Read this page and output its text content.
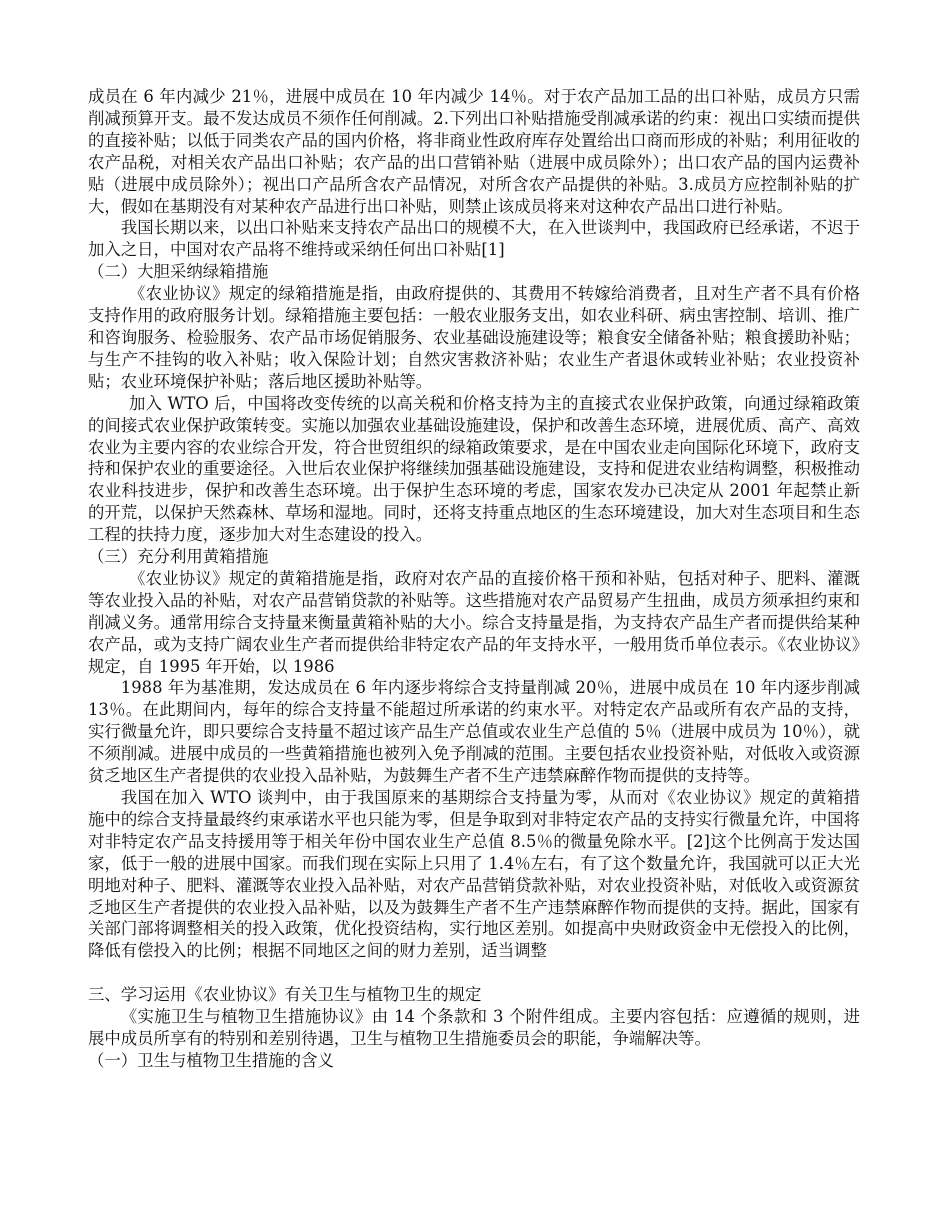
成员在 6 年内减少 21％，进展中成员在 10 年内减少 14％。对于农产品加工品的出口补贴，成员方只需削减预算开支。最不发达成员不须作任何削减。2.下列出口补贴措施受削减承诺的约束：视出口实绩而提供的直接补贴；以低于同类农产品的国内价格，将非商业性政府库存处置给出口商而形成的补贴；利用征收的农产品税，对相关农产品出口补贴；农产品的出口营销补贴（进展中成员除外）；出口农产品的国内运费补贴（进展中成员除外）；视出口产品所含农产品情况，对所含农产品提供的补贴。3.成员方应控制补贴的扩大，假如在基期没有对某种农产品进行出口补贴，则禁止该成员将来对这种农产品出口进行补贴。

我国长期以来，以出口补贴来支持农产品出口的规模不大，在入世谈判中，我国政府已经承诺，不迟于加入之日，中国对农产品将不维持或采纳任何出口补贴[1]

（二）大胆采纳绿箱措施

《农业协议》规定的绿箱措施是指，由政府提供的、其费用不转嫁给消费者，且对生产者不具有价格支持作用的政府服务计划。绿箱措施主要包括：一般农业服务支出，如农业科研、病虫害控制、培训、推广和咨询服务、检验服务、农产品市场促销服务、农业基础设施建设等；粮食安全储备补贴；粮食援助补贴；与生产不挂钩的收入补贴；收入保险计划；自然灾害救济补贴；农业生产者退休或转业补贴；农业投资补贴；农业环境保护补贴；落后地区援助补贴等。

加入 WTO 后，中国将改变传统的以高关税和价格支持为主的直接式农业保护政策，向通过绿箱政策的间接式农业保护政策转变。实施以加强农业基础设施建设，保护和改善生态环境，进展优质、高产、高效农业为主要内容的农业综合开发，符合世贸组织的绿箱政策要求，是在中国农业走向国际化环境下，政府支持和保护农业的重要途径。入世后农业保护将继续加强基础设施建设，支持和促进农业结构调整，积极推动农业科技进步，保护和改善生态环境。出于保护生态环境的考虑，国家农发办已决定从 2001 年起禁止新的开荒，以保护天然森林、草场和湿地。同时，还将支持重点地区的生态环境建设，加大对生态项目和生态工程的扶持力度，逐步加大对生态建设的投入。

（三）充分利用黄箱措施

《农业协议》规定的黄箱措施是指，政府对农产品的直接价格干预和补贴，包括对种子、肥料、灌溉等农业投入品的补贴，对农产品营销贷款的补贴等。这些措施对农产品贸易产生扭曲，成员方须承担约束和削减义务。通常用综合支持量来衡量黄箱补贴的大小。综合支持量是指，为支持农产品生产者而提供给某种农产品，或为支持广阔农业生产者而提供给非特定农产品的年支持水平，一般用货币单位表示。《农业协议》规定，自 1995 年开始，以 1986

1988 年为基准期，发达成员在 6 年内逐步将综合支持量削减 20％，进展中成员在 10 年内逐步削减 13％。在此期间内，每年的综合支持量不能超过所承诺的约束水平。对特定农产品或所有农产品的支持，实行微量允许，即只要综合支持量不超过该产品生产总值或农业生产总值的 5％（进展中成员为 10％），就不须削减。进展中成员的一些黄箱措施也被列入免予削减的范围。主要包括农业投资补贴，对低收入或资源贫乏地区生产者提供的农业投入品补贴，为鼓舞生产者不生产违禁麻醉作物而提供的支持等。

我国在加入 WTO 谈判中，由于我国原来的基期综合支持量为零，从而对《农业协议》规定的黄箱措施中的综合支持量最终约束承诺水平也只能为零，但是争取到对非特定农产品的支持实行微量允许，中国将对非特定农产品支持援用等于相关年份中国农业生产总值 8.5％的微量免除水平。[2]这个比例高于发达国家，低于一般的进展中国家。而我们现在实际上只用了 1.4％左右，有了这个数量允许，我国就可以正大光明地对种子、肥料、灌溉等农业投入品补贴，对农产品营销贷款补贴，对农业投资补贴，对低收入或资源贫乏地区生产者提供的农业投入品补贴，以及为鼓舞生产者不生产违禁麻醉作物而提供的支持。据此，国家有关部门部将调整相关的投入政策，优化投资结构，实行地区差别。如提高中央财政资金中无偿投入的比例，降低有偿投入的比例；根据不同地区之间的财力差别，适当调整

三、学习运用《农业协议》有关卫生与植物卫生的规定

《实施卫生与植物卫生措施协议》由 14 个条款和 3 个附件组成。主要内容包括：应遵循的规则，进展中成员所享有的特别和差别待遇，卫生与植物卫生措施委员会的职能，争端解决等。

（一）卫生与植物卫生措施的含义
